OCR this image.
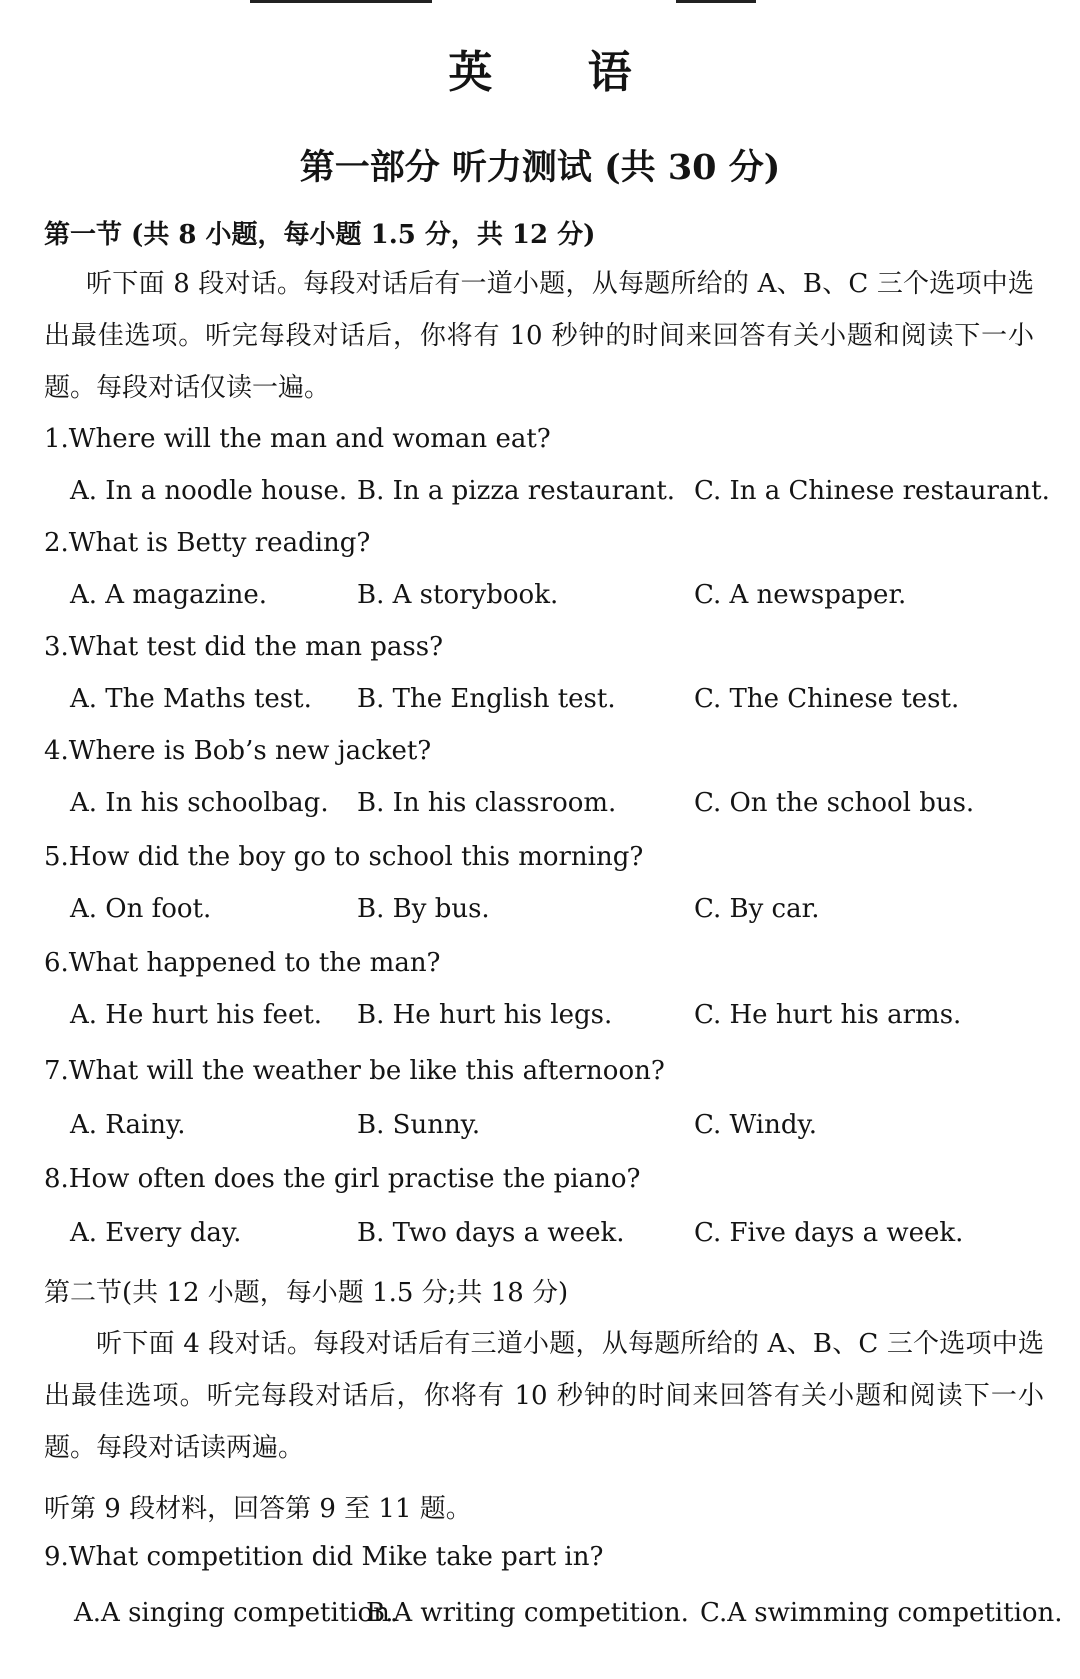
英 语
第一部分 听力测试 (共 30 分)
第一节 (共 8 小题，每小题 1.5 分，共 12 分)
听下面 8 段对话。每段对话后有一道小题，从每题所给的 A、B、C 三个选项中选出最佳选项。听完每段对话后，你将有 10 秒钟的时间来回答有关小题和阅读下一小题。每段对话仅读一遍。
1.Where will the man and woman eat?
A. In a noodle house. B. In a pizza restaurant. C. In a Chinese restaurant.
2.What is Betty reading?
A. A magazine.	B. A storybook.	C. A newspaper.
3.What test did the man pass?
A. The Maths test. B. The English test.	C. The Chinese test.
4.Where is Bob’s new jacket?
A. In his schoolbag. B. In his classroom.	C. On the school bus.
5.How did the boy go to school this morning?
A. On foot.	B. By bus.	C. By car.
6.What happened to the man?
A. He hurt his feet. B. He hurt his legs.	C. He hurt his arms.
7.What will the weather be like this afternoon?
A. Rainy.	B. Sunny.	C. Windy.
8.How often does the girl practise the piano?
A. Every day.	B. Two days a week.	C. Five days a week.
第二节(共 12 小题，每小题 1.5 分;共 18 分)
听下面 4 段对话。每段对话后有三道小题，从每题所给的 A、B、C 三个选项中选出最佳选项。听完每段对话后，你将有 10 秒钟的时间来回答有关小题和阅读下一小题。每段对话读两遍。
听第 9 段材料，回答第 9 至 11 题。
9.What competition did Mike take part in?
A.A singing competition.
B.A writing competition. C.A swimming competition.
